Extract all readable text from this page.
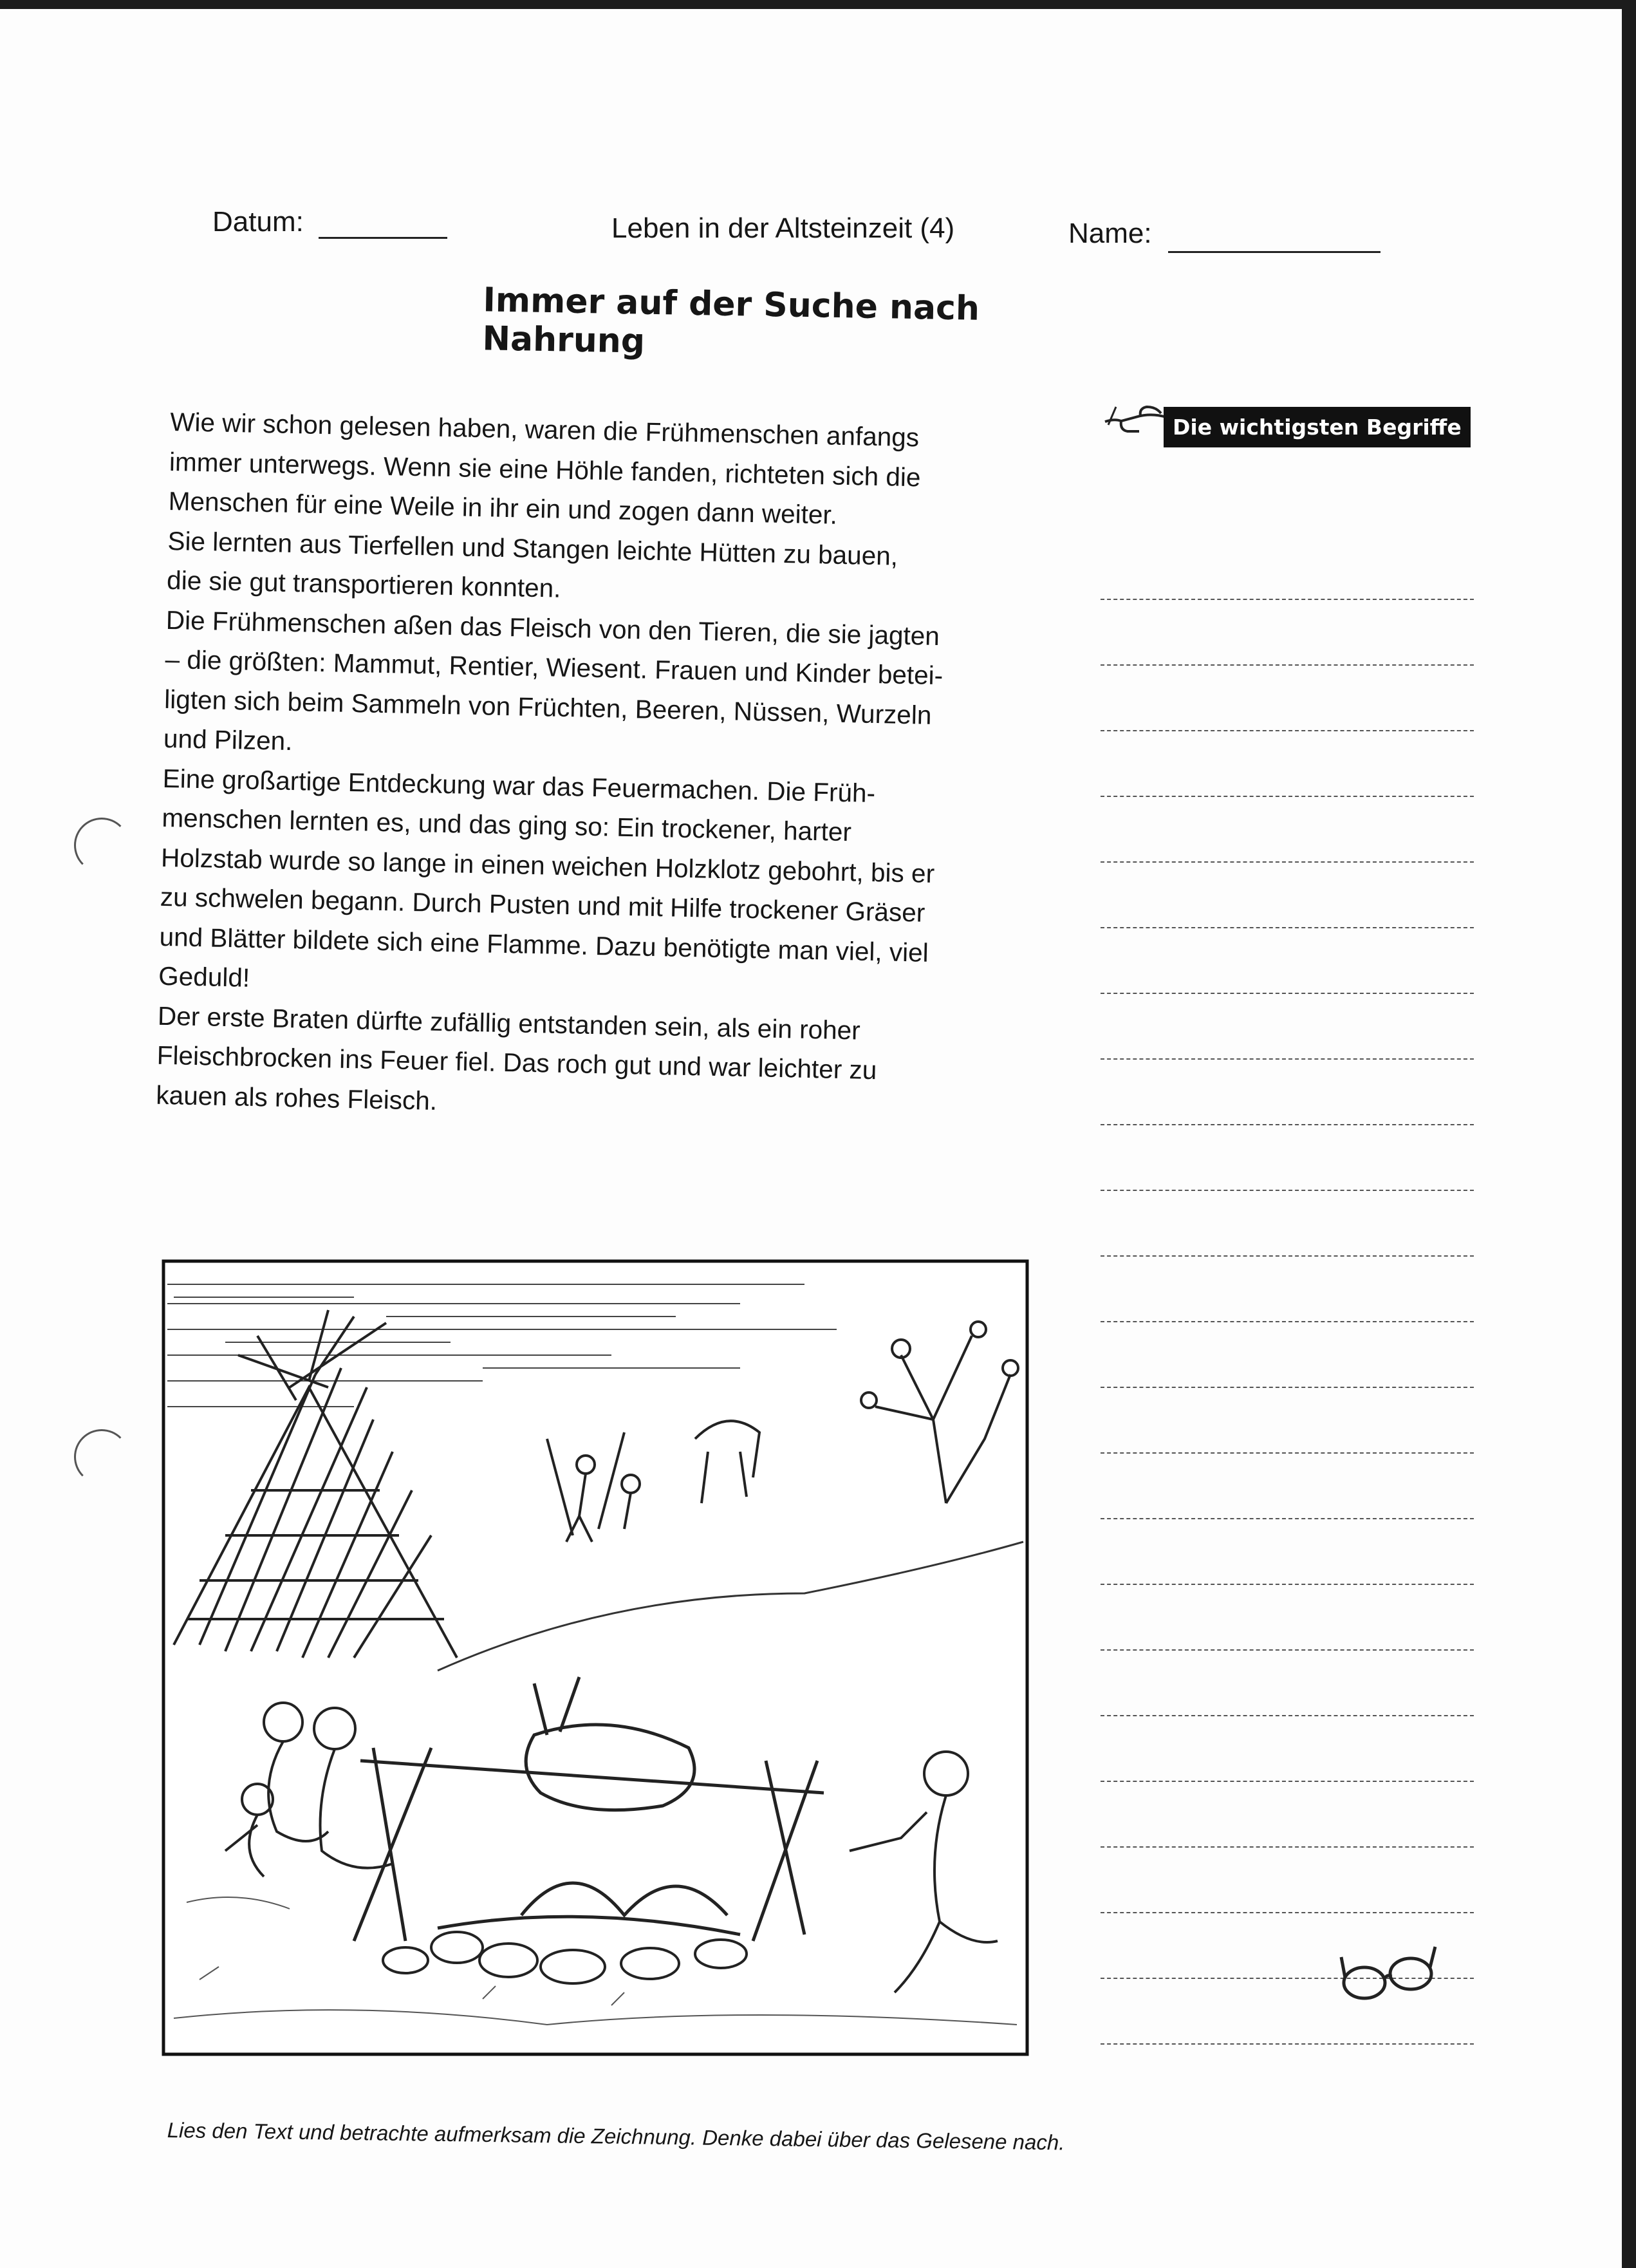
Datum:	Leben in der Altsteinzeit (4)	Name:
Immer auf der Suche nach Nahrung

Wie wir schon gelesen haben, waren die Frühmenschen anfangs

immer unterwegs. Wenn sie eine Höhle fanden, richteten sich die

Menschen für eine Weile in ihr ein und zogen dann weiter.

Sie lernten aus Tierfellen und Stangen leichte Hütten zu bauen,

die sie gut transportieren konnten.

Die Frühmenschen aßen das Fleisch von den Tieren, die sie jagten

– die größten: Mammut, Rentier, Wiesent. Frauen und Kinder betei-

ligten sich beim Sammeln von Früchten, Beeren, Nüssen, Wurzeln

und Pilzen.

Eine großartige Entdeckung war das Feuermachen. Die Früh-

menschen lernten es, und das ging so: Ein trockener, harter

Holzstab wurde so lange in einen weichen Holzklotz gebohrt, bis er

zu schwelen begann. Durch Pusten und mit Hilfe trockener Gräser

und Blätter bildete sich eine Flamme. Dazu benötigte man viel, viel

Geduld!

Der erste Braten dürfte zufällig entstanden sein, als ein roher

Fleischbrocken ins Feuer fiel. Das roch gut und war leichter zu

kauen als rohes Fleisch.

Die wichtigsten Begriffe
Lies den Text und betrachte aufmerksam die Zeichnung. Denke dabei über das Gelesene nach.
